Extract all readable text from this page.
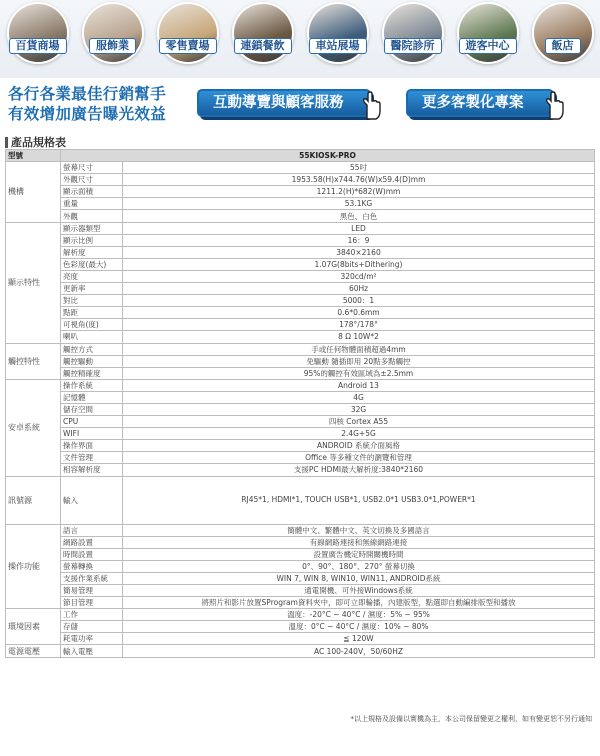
百貨商場	服飾業	零售賣場	連鎖餐飲	車站展場	醫院診所	遊客中心	飯店
各行各業最佳行銷幫手
有效增加廣告曝光效益
互動導覽與顧客服務	更多客製化專案
產品規格表
型號	55KIOSK-PRO	
機構	螢幕尺寸	55吋
	外觀尺寸	1953.58(H)x744.76(W)x59.4(D)mm
	顯示面積	1211.2(H)*682(W)mm
	重量	53.1KG
	外觀	黑色、白色
顯示特性	顯示器類型	LED
	顯示比例	16：9
	解析度	3840×2160
	色彩度(最大)	1.07G(8bits+Dithering)
	亮度	320cd/m²
	更新率	60Hz
	對比	5000：1
	點距	0.6*0.6mm
	可視角(度)	178°/178°
	喇叭	8 Ω 10W*2
觸控特性	觸控方式	手或任何物體面積超過4mm
	觸控驅動	免驅動 隨插即用 20點多點觸控
	觸控精確度	95%的觸控有效區域為±2.5mm
安卓系統	操作系統	Android 13
	記憶體	4G
	儲存空間	32G
	CPU	四核 Cortex A55
	WIFI	2.4G+5G
	操作界面	ANDROID 系統介面風格
	文件管理	Office 等多種文件的瀏覽和管理
	相容解析度	支援PC HDMI最大解析度:3840*2160
訊號源	輸入	RJ45*1, HDMI*1, TOUCH USB*1, USB2.0*1 USB3.0*1,POWER*1
操作功能	語言	簡體中文、繁體中文、英文切換及多國語言
	網路設置	有線網路連接和無線網路連接
	時間設置	設置廣告機定時開關機時間
	螢幕轉換	0°、90°、180°、270° 螢幕切換
	支援作業系統	WIN 7, WIN 8, WIN10, WIN11, ANDROID系統
	簡易管理	通電開機、可外接Windows系統
	節目管理	將照片和影片放置SProgram資料夾中，即可立即輪播，內建版型，點選即自動編排版型和播放
環境因素	工作	溫度：-20°C ~ 40°C / 濕度：5% ~ 95%
	存儲	溫度：0°C ~ 40°C / 濕度：10% ~ 80%
	耗電功率	≦ 120W
電源電壓	輸入電壓	AC 100-240V，50/60HZ
*以上規格及設備以實機為主，本公司保留變更之權利，如有變更恕不另行通知
